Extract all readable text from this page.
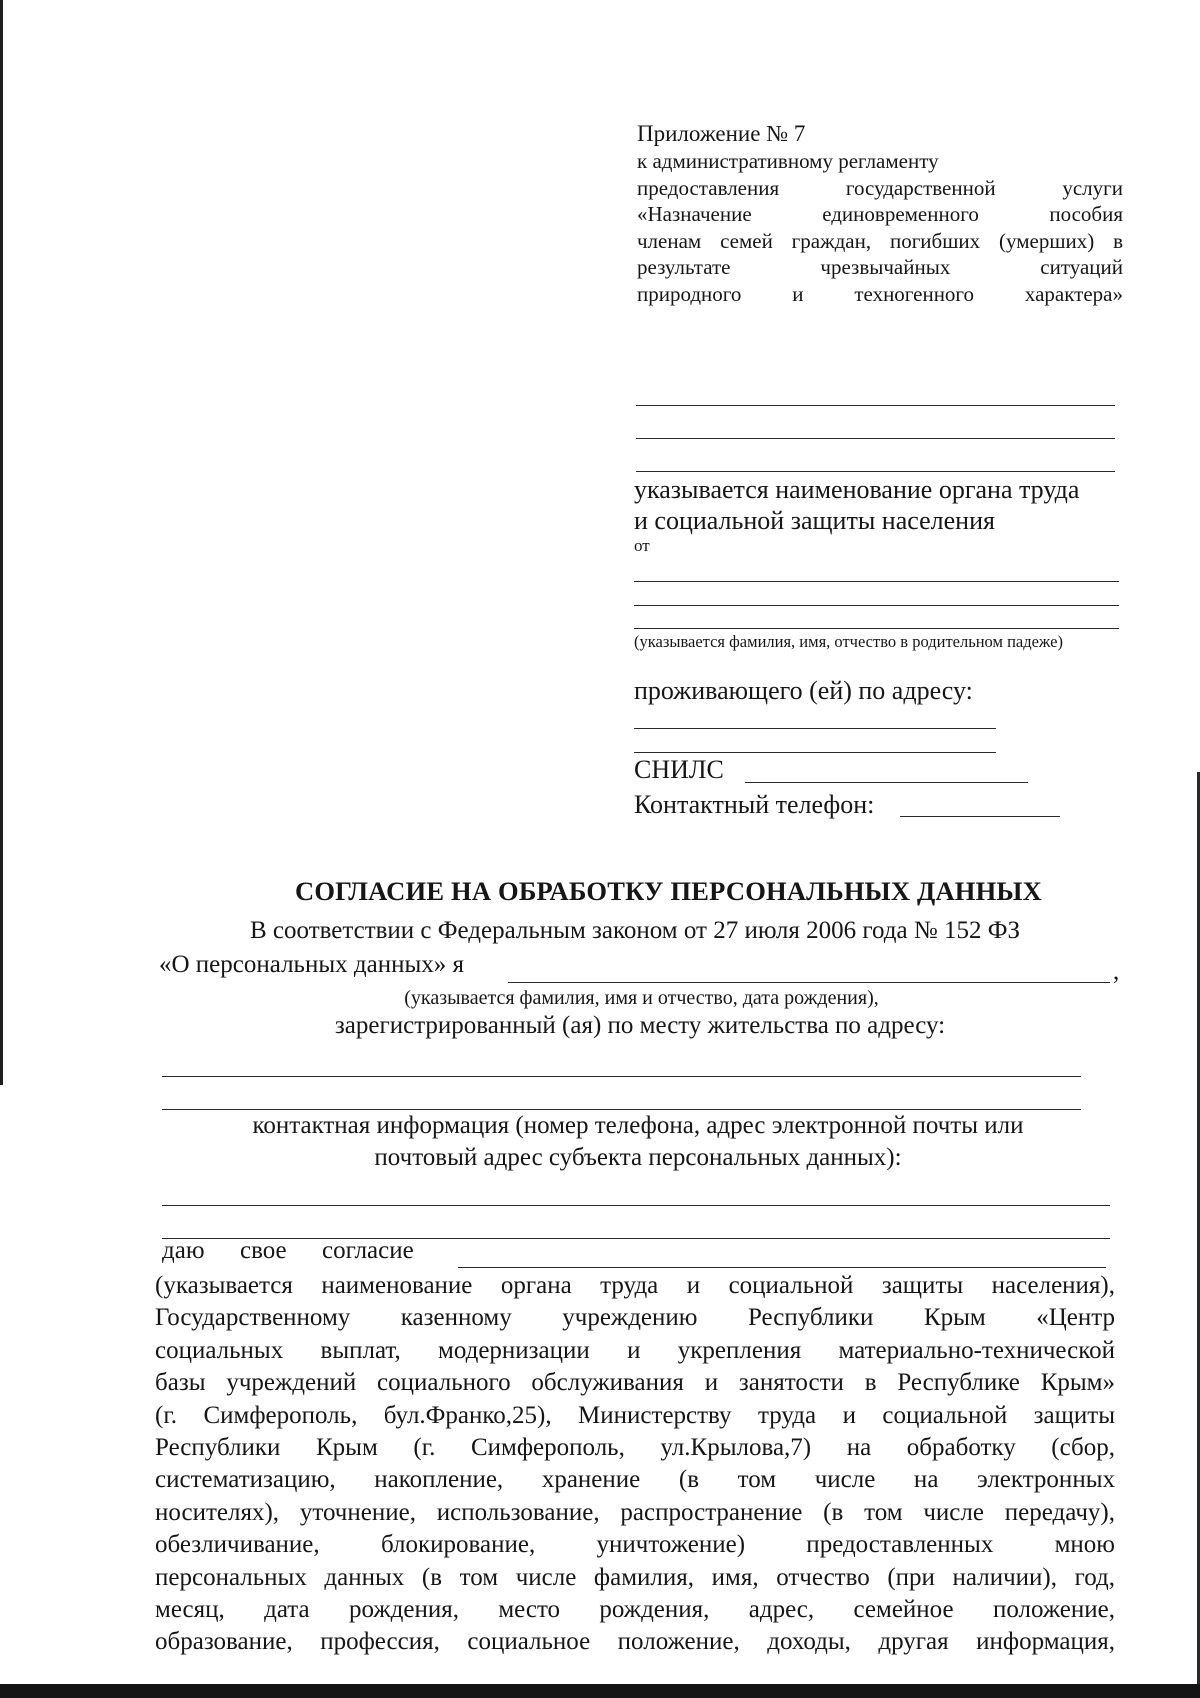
Приложение № 7
к административному регламенту
предоставления государственной услуги
«Назначение единовременного пособия
членам семей граждан, погибших (умерших) в
результате чрезвычайных ситуаций
природного и техногенного характера»
указывается наименование органа труда
и социальной защиты населения
от
(указывается фамилия, имя, отчество в родительном падеже)
проживающего (ей) по адресу:
СНИЛС
Контактный телефон:
СОГЛАСИЕ НА ОБРАБОТКУ ПЕРСОНАЛЬНЫХ ДАННЫХ
В соответствии с Федеральным законом от 27 июля 2006 года № 152 ФЗ
«О персональных данных» я	,
(указывается фамилия, имя и отчество, дата рождения),
зарегистрированный (ая) по месту жительства по адресу:
контактная информация (номер телефона, адрес электронной почты или
почтовый адрес субъекта персональных данных):
даю свое согласие
(указывается наименование органа труда и социальной защиты населения),
Государственному казенному учреждению Республики Крым «Центр
социальных выплат, модернизации и укрепления материально-технической
базы учреждений социального обслуживания и занятости в Республике Крым»
(г. Симферополь, бул.Франко,25), Министерству труда и социальной защиты
Республики Крым (г. Симферополь, ул.Крылова,7) на обработку (сбор,
систематизацию, накопление, хранение (в том числе на электронных
носителях), уточнение, использование, распространение (в том числе передачу),
обезличивание, блокирование, уничтожение) предоставленных мною
персональных данных (в том числе фамилия, имя, отчество (при наличии), год,
месяц, дата рождения, место рождения, адрес, семейное положение,
образование, профессия, социальное положение, доходы, другая информация,
